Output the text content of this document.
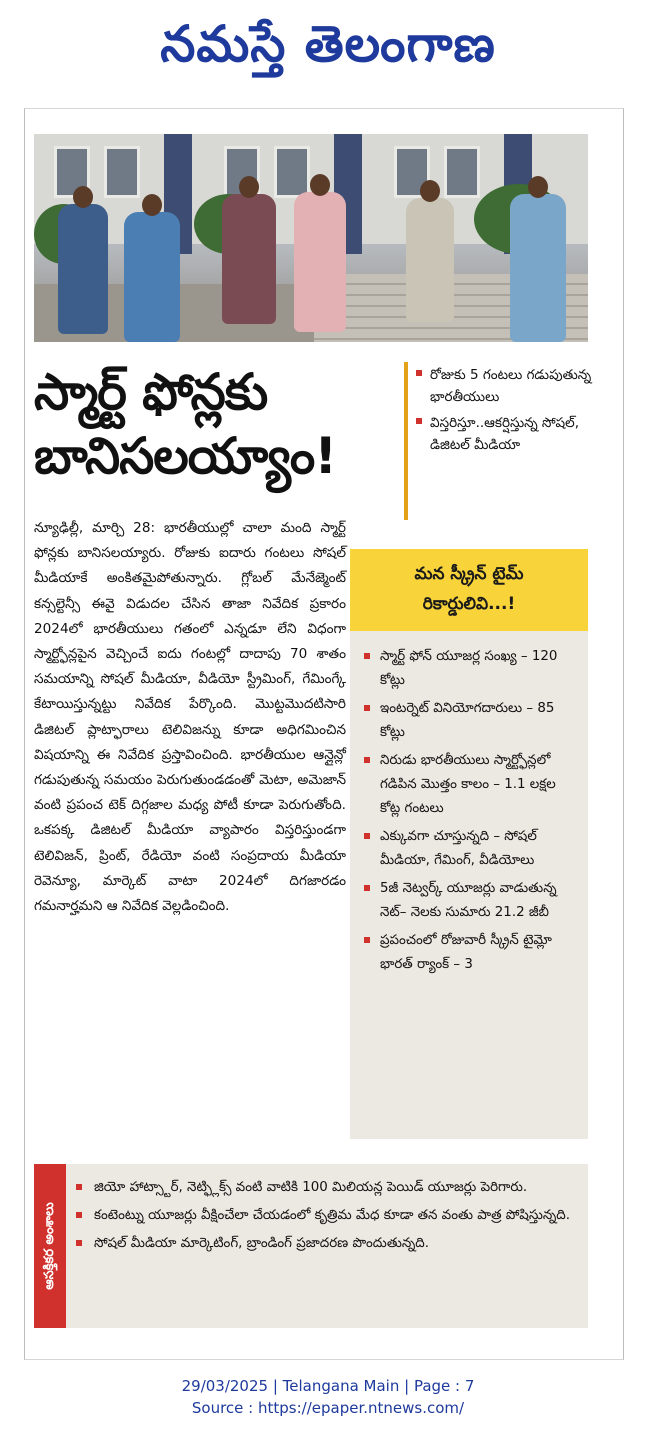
నమస్తే తెలంగాణ
స్మార్ట్ ఫోన్లకు
బానిసలయ్యాం!
రోజుకు 5 గంటలు గడుపుతున్న భారతీయులు
విస్తరిస్తూ..ఆకర్షిస్తున్న సోషల్, డిజిటల్ మీడియా

న్యూఢిల్లీ, మార్చి 28: భారతీయుల్లో చాలా మంది స్మార్ట్ ఫోన్లకు బానిసలయ్యారు. రోజుకు ఐదారు గంటలు సోషల్ మీడియాకే అంకితమైపోతున్నారు. గ్లోబల్ మేనేజ్మెంట్ కన్సల్టెన్సీ ఈవై విడుదల చేసిన తాజా నివేదిక ప్రకారం 2024లో భారతీయులు గతంలో ఎన్నడూ లేని విధంగా స్మార్ట్ఫోన్లపైన వెచ్చించే ఐదు గంటల్లో దాదాపు 70 శాతం సమయాన్ని సోషల్ మీడియా, వీడియో స్ట్రీమింగ్, గేమింగ్కే కేటాయిస్తున్నట్టు నివేదిక పేర్కొంది. మొట్టమొదటిసారి డిజిటల్ ప్లాట్ఫారాలు టెలివిజన్ను కూడా అధిగమించిన విషయాన్ని ఈ నివేదిక ప్రస్తావించింది. భారతీయుల ఆన్లైన్లో గడుపుతున్న సమయం పెరుగుతుండడంతో మెటా, అమెజాన్ వంటి ప్రపంచ టెక్ దిగ్గజాల మధ్య పోటీ కూడా పెరుగుతోంది. ఒకపక్క డిజిటల్ మీడియా వ్యాపారం విస్తరిస్తుండగా టెలివిజన్, ప్రింట్, రేడియో వంటి సంప్రదాయ మీడియా రెవెన్యూ, మార్కెట్ వాటా 2024లో దిగజారడం గమనార్హమని ఆ నివేదిక వెల్లడించింది.

మన స్క్రీన్ టైమ్
రికార్డులివి...!
స్మార్ట్ ఫోన్ యూజర్ల సంఖ్య – 120 కోట్లు
ఇంటర్నెట్ వినియోగదారులు – 85 కోట్లు
నిరుడు భారతీయులు స్మార్ట్ఫోన్లలో గడిపిన మొత్తం కాలం – 1.1 లక్షల కోట్ల గంటలు
ఎక్కువగా చూస్తున్నది – సోషల్ మీడియా, గేమింగ్, వీడియోలు
5జీ నెట్వర్క్ యూజర్లు వాడుతున్న నెట్– నెలకు సుమారు 21.2 జీబీ
ప్రపంచంలో రోజువారీ స్క్రీన్ టైమ్లో భారత్ ర్యాంక్ – 3
ఆసక్తికర అంశాలు
జియో హాట్స్టార్, నెట్ఫ్లిక్స్ వంటి వాటికి 100 మిలియన్ల పెయిడ్ యూజర్లు పెరిగారు.
కంటెంట్ను యూజర్లు వీక్షించేలా చేయడంలో కృత్రిమ మేధ కూడా తన వంతు పాత్ర పోషిస్తున్నది.
సోషల్ మీడియా మార్కెటింగ్, బ్రాండింగ్ ప్రజాదరణ పొందుతున్నది.
29/03/2025 | Telangana Main | Page : 7
Source : https://epaper.ntnews.com/
